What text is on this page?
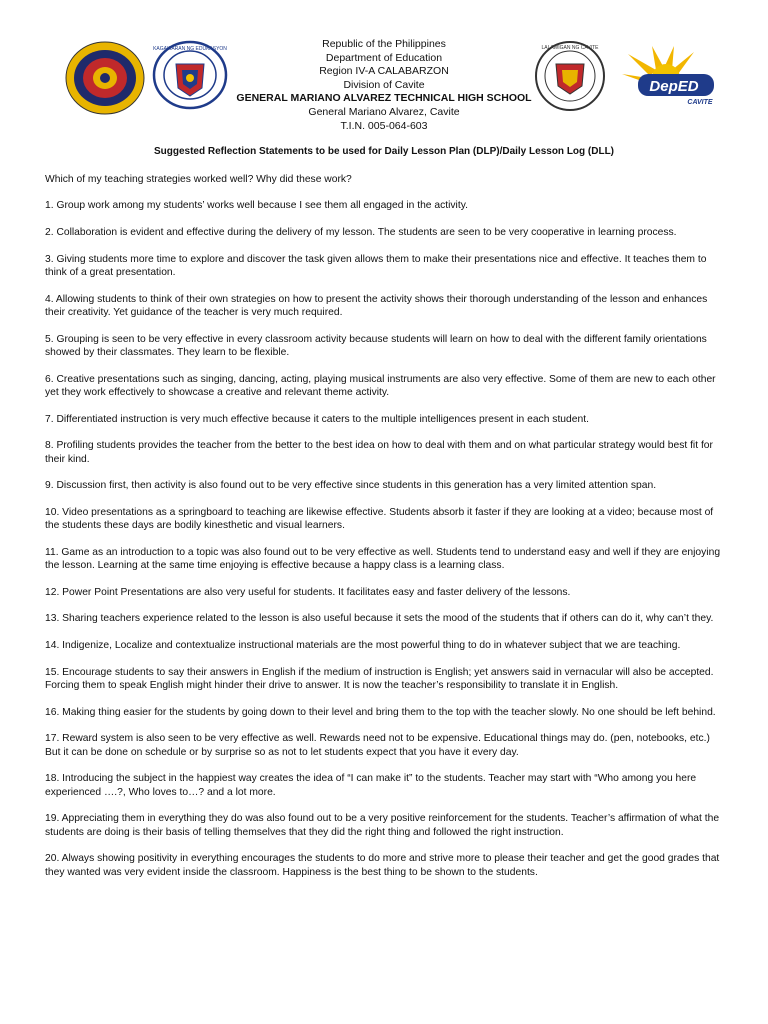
KAGAWARAN NG EDUKASYON	LALAWIGAN NG CAVITE
DepED
CAVITE
Republic of the Philippines
Department of Education
Region IV-A CALABARZON
Division of Cavite
GENERAL MARIANO ALVAREZ TECHNICAL HIGH SCHOOL
General Mariano Alvarez, Cavite
T.I.N. 005-064-603
Suggested Reflection Statements to be used for Daily Lesson Plan (DLP)/Daily Lesson Log (DLL)

Which of my teaching strategies worked well? Why did these work?

1. Group work among my students’ works well because I see them all engaged in the activity.

2. Collaboration is evident and effective during the delivery of my lesson. The students are seen to be very cooperative in learning process.

3. Giving students more time to explore and discover the task given allows them to make their presentations nice and effective. It teaches them to think of a great presentation.

4. Allowing students to think of their own strategies on how to present the activity shows their thorough understanding of the lesson and enhances their creativity. Yet guidance of the teacher is very much required.

5. Grouping is seen to be very effective in every classroom activity because students will learn on how to deal with the different family orientations showed by their classmates. They learn to be flexible.

6. Creative presentations such as singing, dancing, acting, playing musical instruments are also very effective. Some of them are new to each other yet they work effectively to showcase a creative and relevant theme activity.

7. Differentiated instruction is very much effective because it caters to the multiple intelligences present in each student.

8. Profiling students provides the teacher from the better to the best idea on how to deal with them and on what particular strategy would best fit for their kind.

9. Discussion first, then activity is also found out to be very effective since students in this generation has a very limited attention span.

10. Video presentations as a springboard to teaching are likewise effective. Students absorb it faster if they are looking at a video; because most of the students these days are bodily kinesthetic and visual learners.

11. Game as an introduction to a topic was also found out to be very effective as well. Students tend to understand easy and well if they are enjoying the lesson. Learning at the same time enjoying is effective because a happy class is a learning class.

12. Power Point Presentations are also very useful for students. It facilitates easy and faster delivery of the lessons.

13. Sharing teachers experience related to the lesson is also useful because it sets the mood of the students that if others can do it, why can’t they.

14. Indigenize, Localize and contextualize instructional materials are the most powerful thing to do in whatever subject that we are teaching.

15. Encourage students to say their answers in English if the medium of instruction is English; yet answers said in vernacular will also be accepted. Forcing them to speak English might hinder their drive to answer. It is now the teacher’s responsibility to translate it in English.

16. Making thing easier for the students by going down to their level and bring them to the top with the teacher slowly. No one should be left behind.

17. Reward system is also seen to be very effective as well. Rewards need not to be expensive. Educational things may do. (pen, notebooks, etc.) But it can be done on schedule or by surprise so as not to let students expect that you have it every day.

18. Introducing the subject in the happiest way creates the idea of “I can make it” to the students. Teacher may start with “Who among you here experienced ….?, Who loves to…? and a lot more.

19. Appreciating them in everything they do was also found out to be a very positive reinforcement for the students. Teacher’s affirmation of what the students are doing is their basis of telling themselves that they did the right thing and followed the right instruction.

20. Always showing positivity in everything encourages the students to do more and strive more to please their teacher and get the good grades that they wanted was very evident inside the classroom. Happiness is the best thing to be shown to the students.
